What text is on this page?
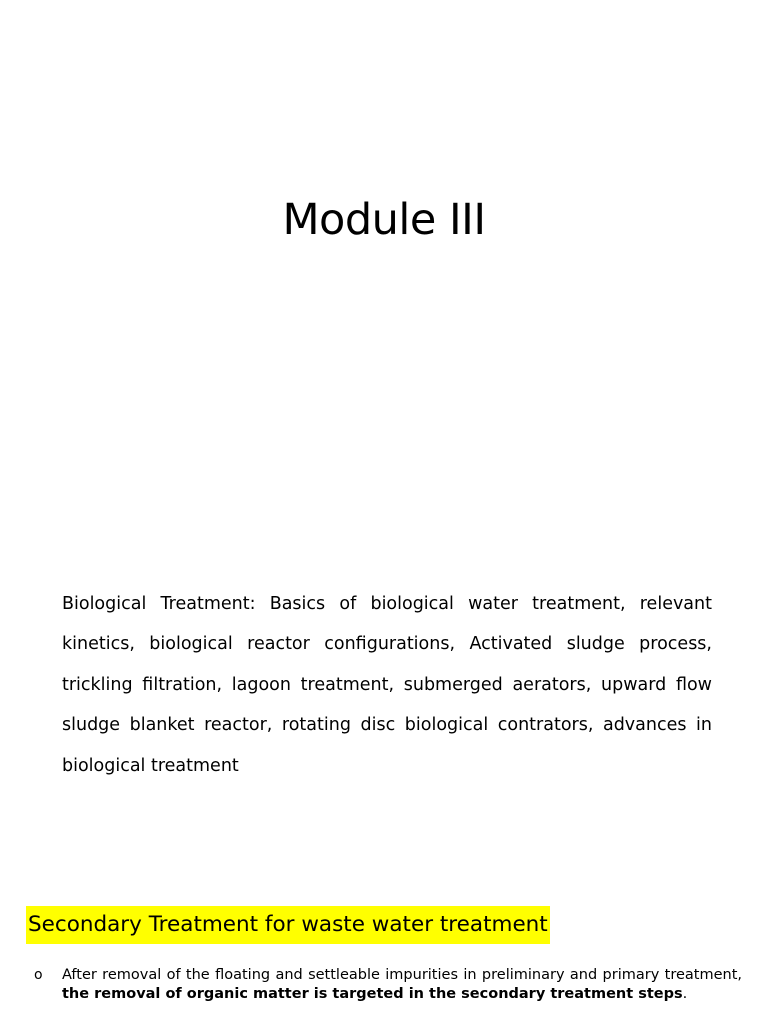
Module III

Biological Treatment: Basics of biological water treatment, relevant kinetics, biological reactor configurations, Activated sludge process, trickling filtration, lagoon treatment, submerged aerators, upward flow sludge blanket reactor, rotating disc biological contrators, advances in biological treatment

Secondary Treatment for waste water treatment
o After removal of the floating and settleable impurities in preliminary and primary treatment, the removal of organic matter is targeted in the secondary treatment steps.
